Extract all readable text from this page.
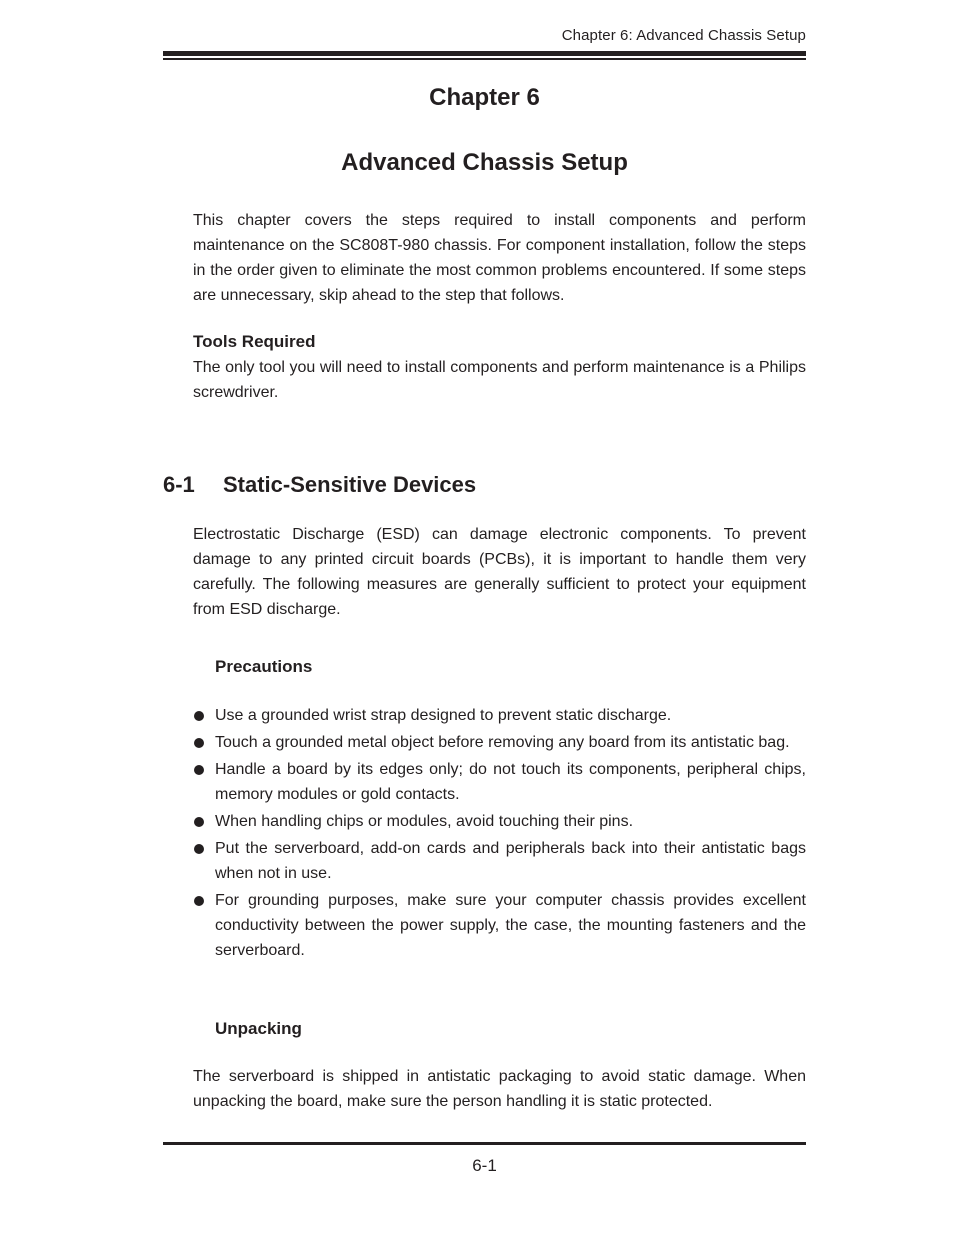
Chapter 6: Advanced Chassis Setup
Chapter 6
Advanced Chassis Setup

This chapter covers the steps required to install components and perform maintenance on the SC808T-980 chassis. For component installation, follow the steps in the order given to eliminate the most common problems encountered. If some steps are unnecessary, skip ahead to the step that follows.

Tools Required

The only tool you will need to install components and perform maintenance is a Philips screwdriver.

6-1 Static-Sensitive Devices

Electrostatic Discharge (ESD) can damage electronic components. To prevent damage to any printed circuit boards (PCBs), it is important to handle them very carefully. The following measures are generally sufficient to protect your equipment from ESD discharge.

Precautions
Use a grounded wrist strap designed to prevent static discharge.
Touch a grounded metal object before removing any board from its antistatic bag.
Handle a board by its edges only; do not touch its components, peripheral chips, memory modules or gold contacts.
When handling chips or modules, avoid touching their pins.
Put the serverboard, add-on cards and peripherals back into their antistatic bags when not in use.
For grounding purposes, make sure your computer chassis provides excellent conductivity between the power supply, the case, the mounting fasteners and the serverboard.
Unpacking

The serverboard is shipped in antistatic packaging to avoid static damage. When unpacking the board, make sure the person handling it is static protected.

6-1
